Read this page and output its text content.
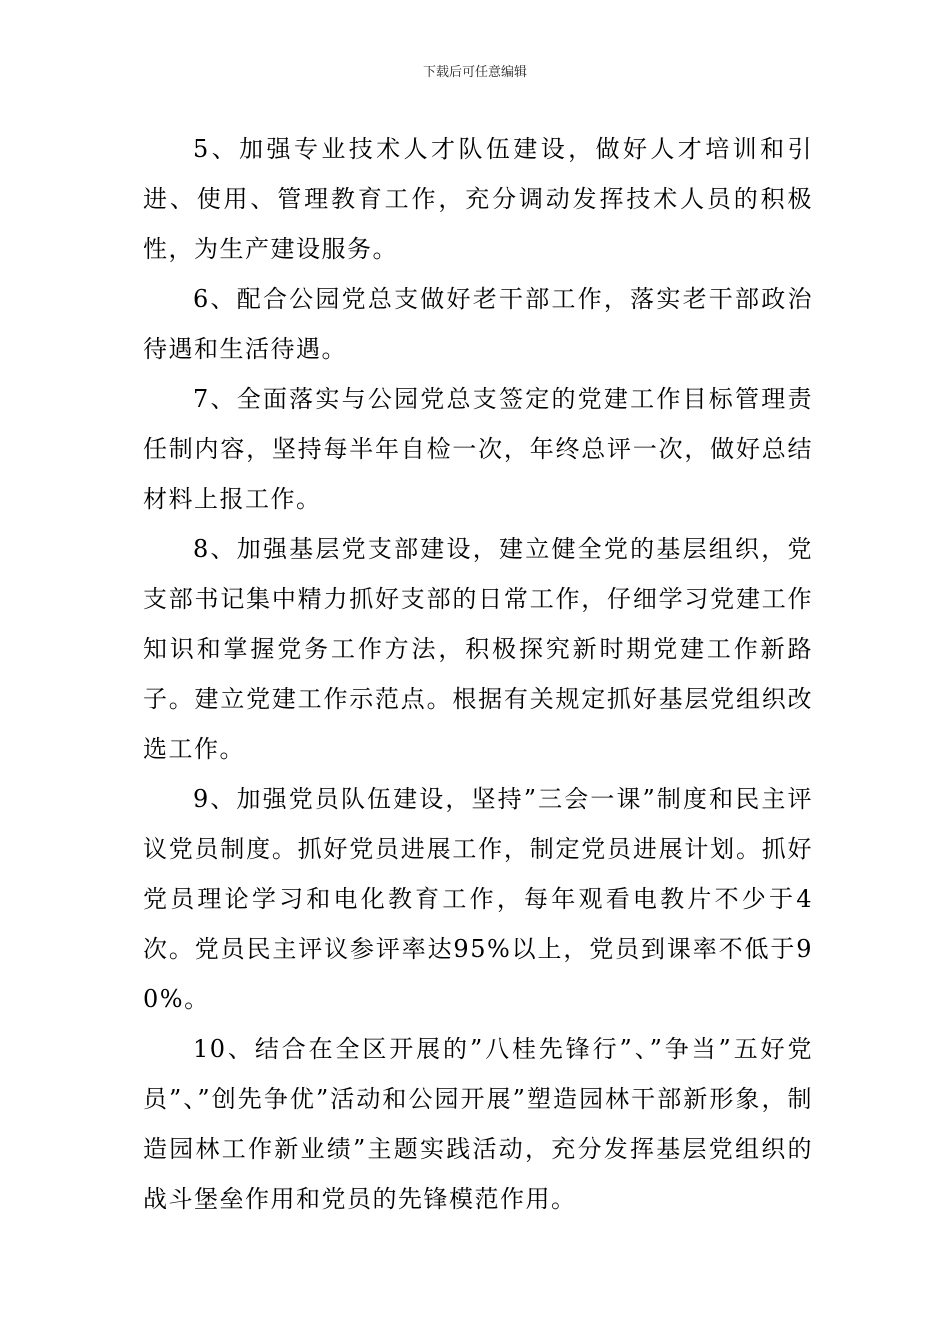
下载后可任意编辑

5、加强专业技术人才队伍建设，做好人才培训和引进、使用、管理教育工作，充分调动发挥技术人员的积极性，为生产建设服务。

6、配合公园党总支做好老干部工作，落实老干部政治待遇和生活待遇。

7、全面落实与公园党总支签定的党建工作目标管理责任制内容，坚持每半年自检一次，年终总评一次，做好总结材料上报工作。

8、加强基层党支部建设，建立健全党的基层组织，党支部书记集中精力抓好支部的日常工作，仔细学习党建工作知识和掌握党务工作方法，积极探究新时期党建工作新路子。建立党建工作示范点。根据有关规定抓好基层党组织改选工作。

9、加强党员队伍建设，坚持”三会一课”制度和民主评议党员制度。抓好党员进展工作，制定党员进展计划。抓好党员理论学习和电化教育工作，每年观看电教片不少于4次。党员民主评议参评率达95%以上，党员到课率不低于90%。

10、结合在全区开展的”八桂先锋行”、”争当”五好党员”、”创先争优”活动和公园开展”塑造园林干部新形象，制造园林工作新业绩”主题实践活动，充分发挥基层党组织的战斗堡垒作用和党员的先锋模范作用。
